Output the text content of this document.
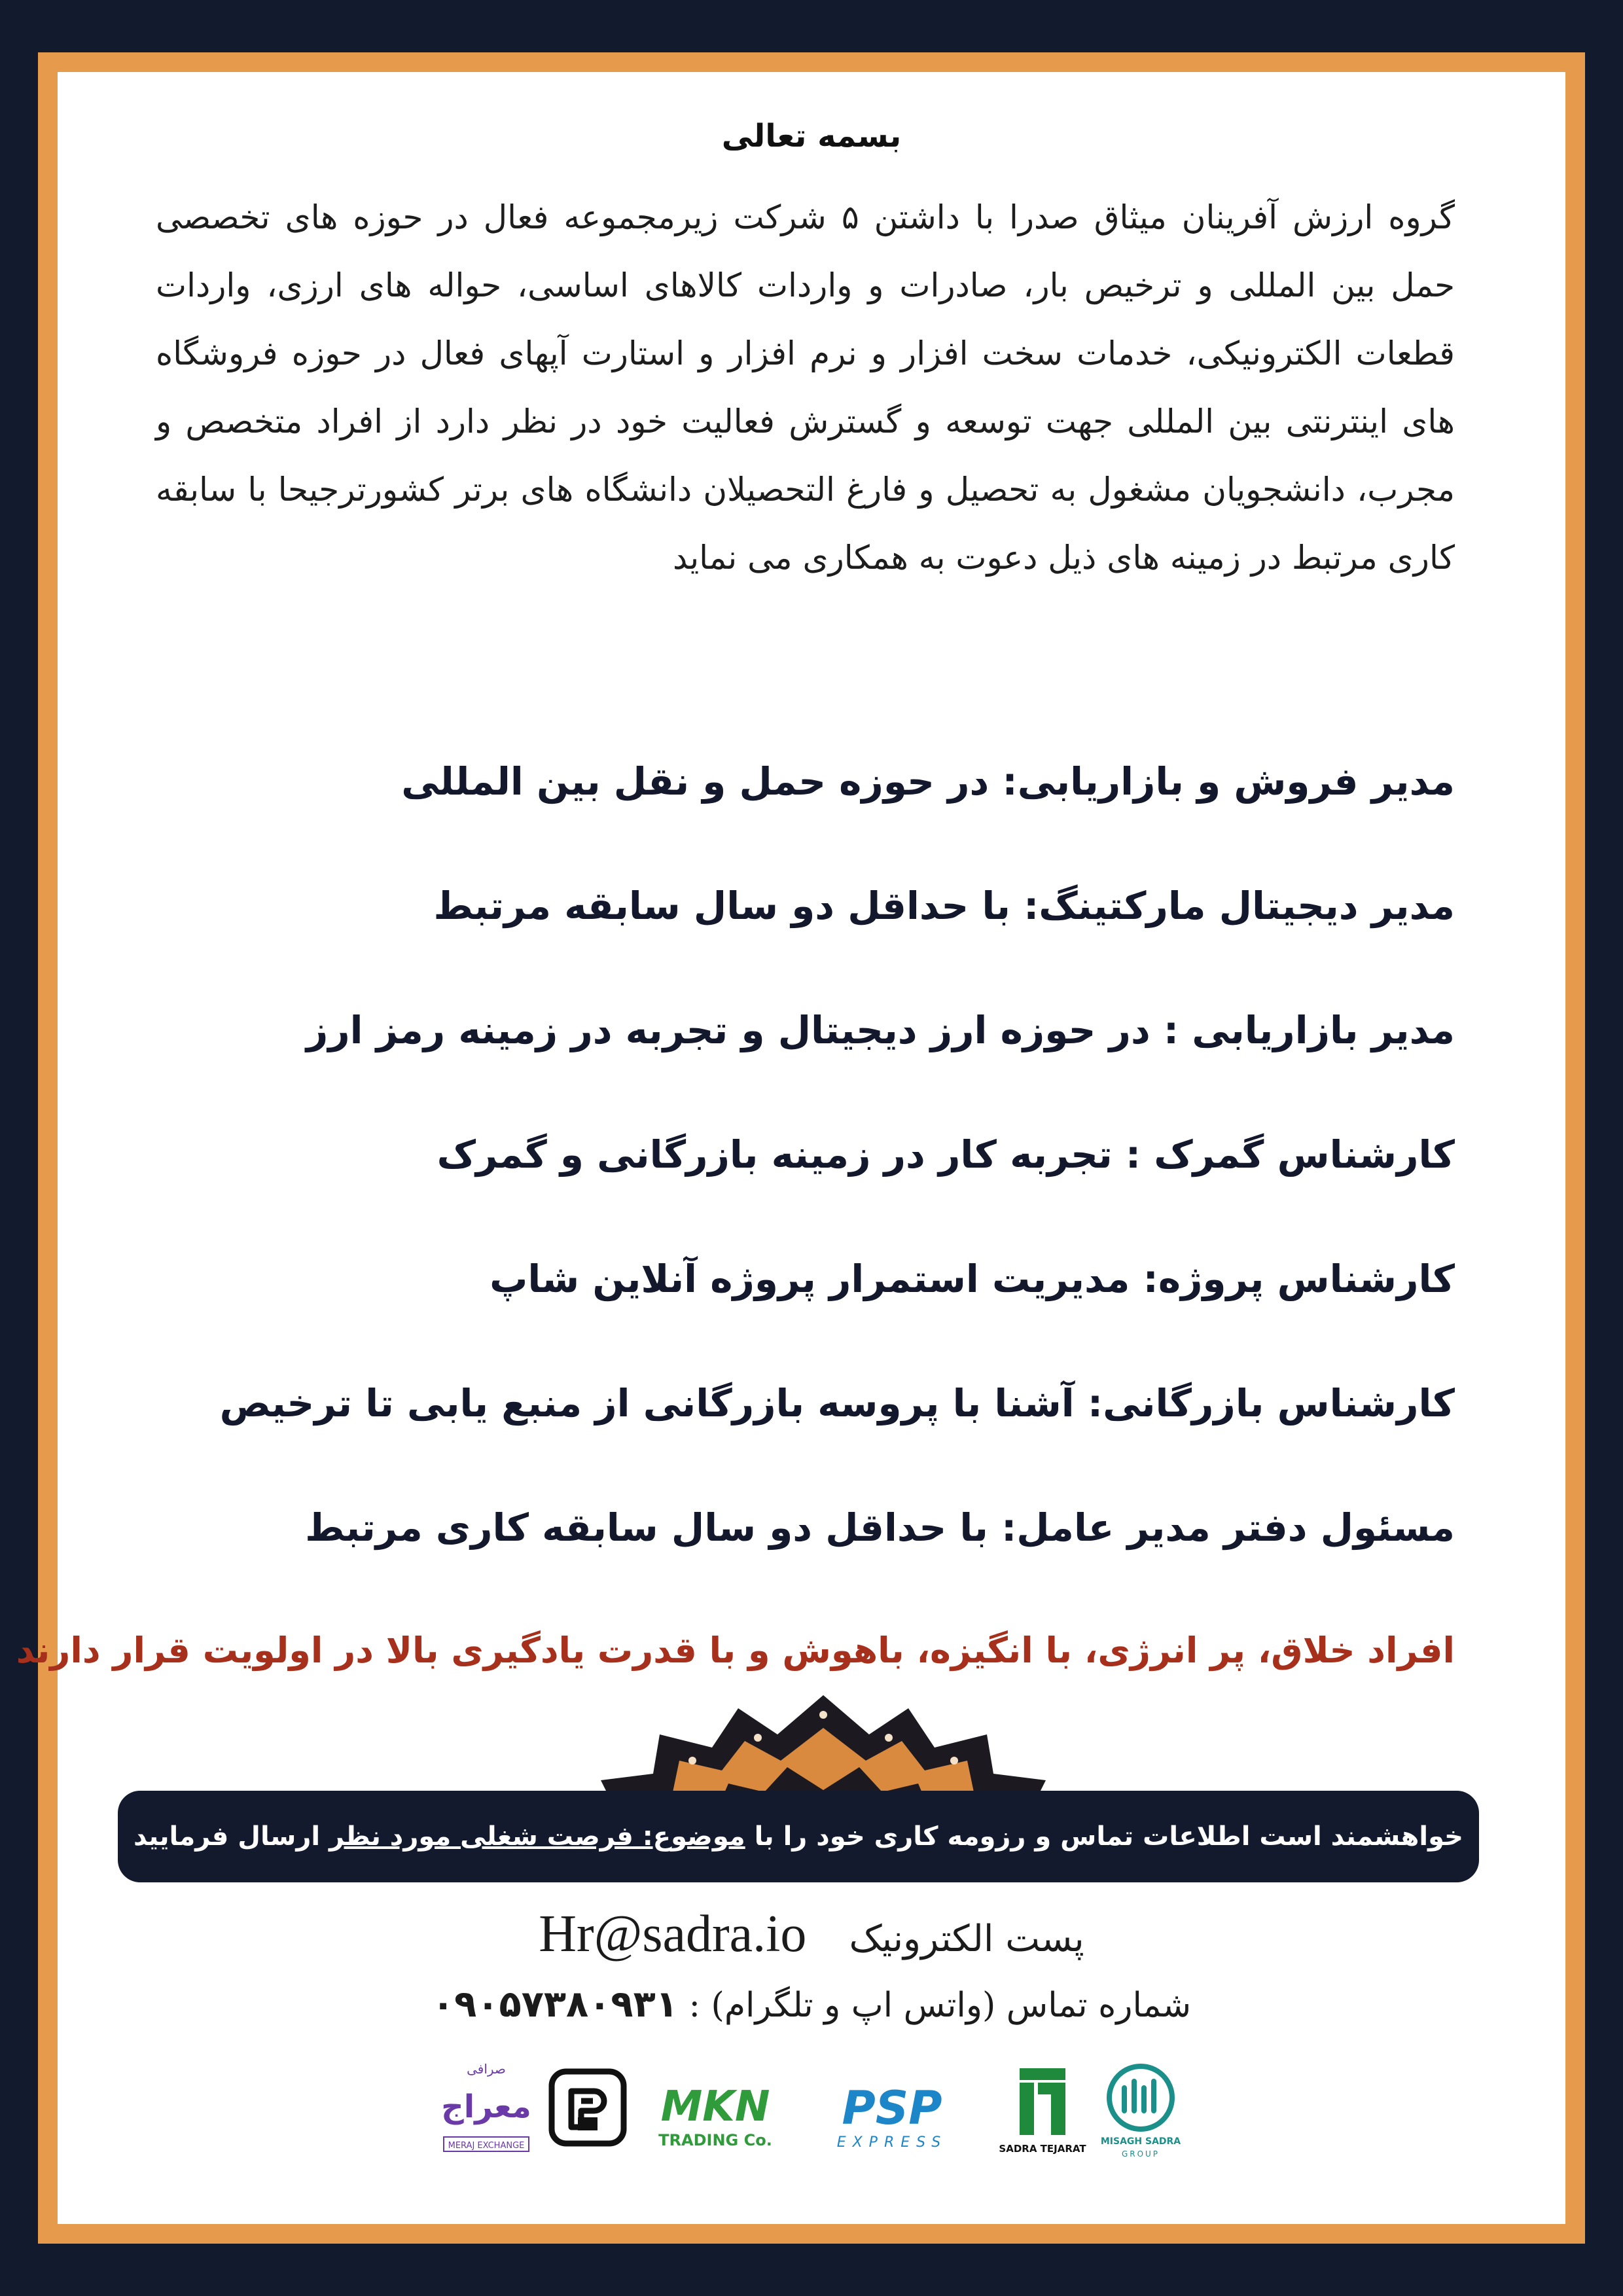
بسمه تعالی
گروه ارزش آفرینان میثاق صدرا با داشتن ۵ شرکت زیرمجموعه فعال در حوزه های تخصصی حمل بین المللی و ترخیص بار، صادرات و واردات کالاهای اساسی، حواله های ارزی، واردات قطعات الکترونیکی، خدمات سخت افزار و نرم افزار و استارت آپهای فعال در حوزه فروشگاه های اینترنتی بین المللی جهت توسعه و گسترش فعالیت خود در نظر دارد از افراد متخصص و مجرب، دانشجویان مشغول به تحصیل و فارغ التحصیلان دانشگاه های برتر کشورترجیحا با سابقه کاری مرتبط در زمینه های ذیل دعوت به همکاری می نماید
مدیر فروش و بازاریابی: در حوزه حمل و نقل بین المللی
مدیر دیجیتال مارکتینگ: با حداقل دو سال سابقه مرتبط
مدیر بازاریابی : در حوزه ارز دیجیتال و تجربه در زمینه رمز ارز
کارشناس گمرک : تجربه کار در زمینه بازرگانی و گمرک
کارشناس پروژه: مدیریت استمرار پروژه آنلاین شاپ
کارشناس بازرگانی: آشنا با پروسه بازرگانی از منبع یابی تا ترخیص
مسئول دفتر مدیر عامل: با حداقل دو سال سابقه کاری مرتبط
افراد خلاق، پر انرژی، با انگیزه، باهوش و با قدرت یادگیری بالا در اولویت قرار دارند
خواهشمند است اطلاعات تماس و رزومه کاری خود را با موضوع: فرصت شغلی مورد نظر ارسال فرمایید
پست الکترونیک Hr@sadra.io
شماره تماس (واتس اپ و تلگرام) : ۰۹۰۵۷۳۸۰۹۳۱
صرافی
معراج
MERAJ EXCHANGE
MKN
TRADING Co.
PSP
EXPRESS	SADRA TEJARAT
MISAGH SADRA
GROUP
